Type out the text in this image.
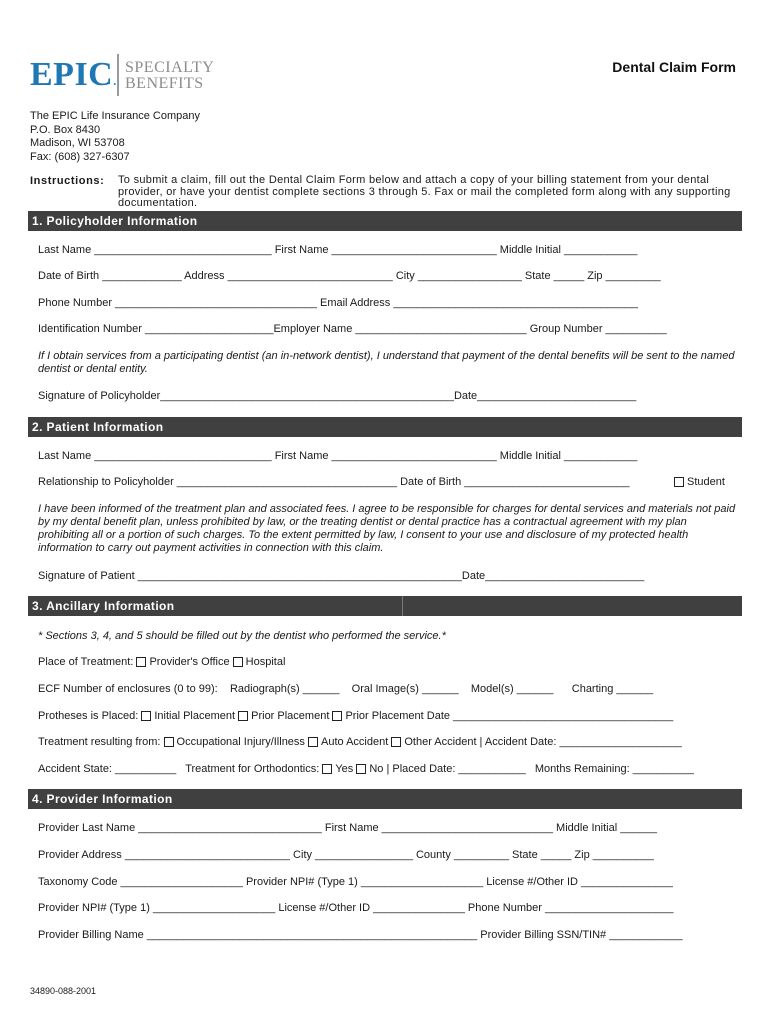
EPIC.
SPECIALTY
BENEFITS
Dental Claim Form
The EPIC Life Insurance Company
P.O. Box 8430
Madison, WI 53708
Fax: (608) 327-6307
Instructions: To submit a claim, fill out the Dental Claim Form below and attach a copy of your billing statement from your dental provider, or have your dentist complete sections 3 through 5. Fax or mail the completed form along with any supporting documentation.
1. Policyholder Information
Last Name _____________________________ First Name ___________________________ Middle Initial ____________
Date of Birth _____________ Address ___________________________ City _________________ State _____ Zip _________
Phone Number _________________________________ Email Address ________________________________________
Identification Number _____________________Employer Name ____________________________ Group Number __________
If I obtain services from a participating dentist (an in-network dentist), I understand that payment of the dental benefits will be sent to the named dentist or dental entity.
Signature of Policyholder________________________________________________Date__________________________
2. Patient Information
Last Name _____________________________ First Name ___________________________ Middle Initial ____________
Relationship to Policyholder ____________________________________ Date of Birth ___________________________	Student
I have been informed of the treatment plan and associated fees. I agree to be responsible for charges for dental services and materials not paid by my dental benefit plan, unless prohibited by law, or the treating dentist or dental practice has a contractual agreement with my plan prohibiting all or a portion of such charges. To the extent permitted by law, I consent to your use and disclosure of my protected health information to carry out payment activities in connection with this claim.
Signature of Patient _____________________________________________________Date__________________________
3. Ancillary Information
* Sections 3, 4, and 5 should be filled out by the dentist who performed the service.*
Place of Treatment: Provider's Office Hospital
ECF Number of enclosures (0 to 99):    Radiograph(s) ______    Oral Image(s) ______    Model(s) ______      Charting ______
Protheses is Placed: Initial Placement Prior Placement Prior Placement Date ____________________________________
Treatment resulting from: Occupational Injury/Illness Auto Accident Other Accident | Accident Date: ____________________
Accident State: __________   Treatment for Orthodontics: Yes No | Placed Date: ___________   Months Remaining: __________
4. Provider Information
Provider Last Name ______________________________ First Name ____________________________ Middle Initial ______
Provider Address ___________________________ City ________________ County _________ State _____ Zip __________
Taxonomy Code ____________________ Provider NPI# (Type 1) ____________________ License #/Other ID _______________
Provider NPI# (Type 1) ____________________ License #/Other ID _______________ Phone Number _____________________
Provider Billing Name ______________________________________________________ Provider Billing SSN/TIN# ____________
34890-088-2001
